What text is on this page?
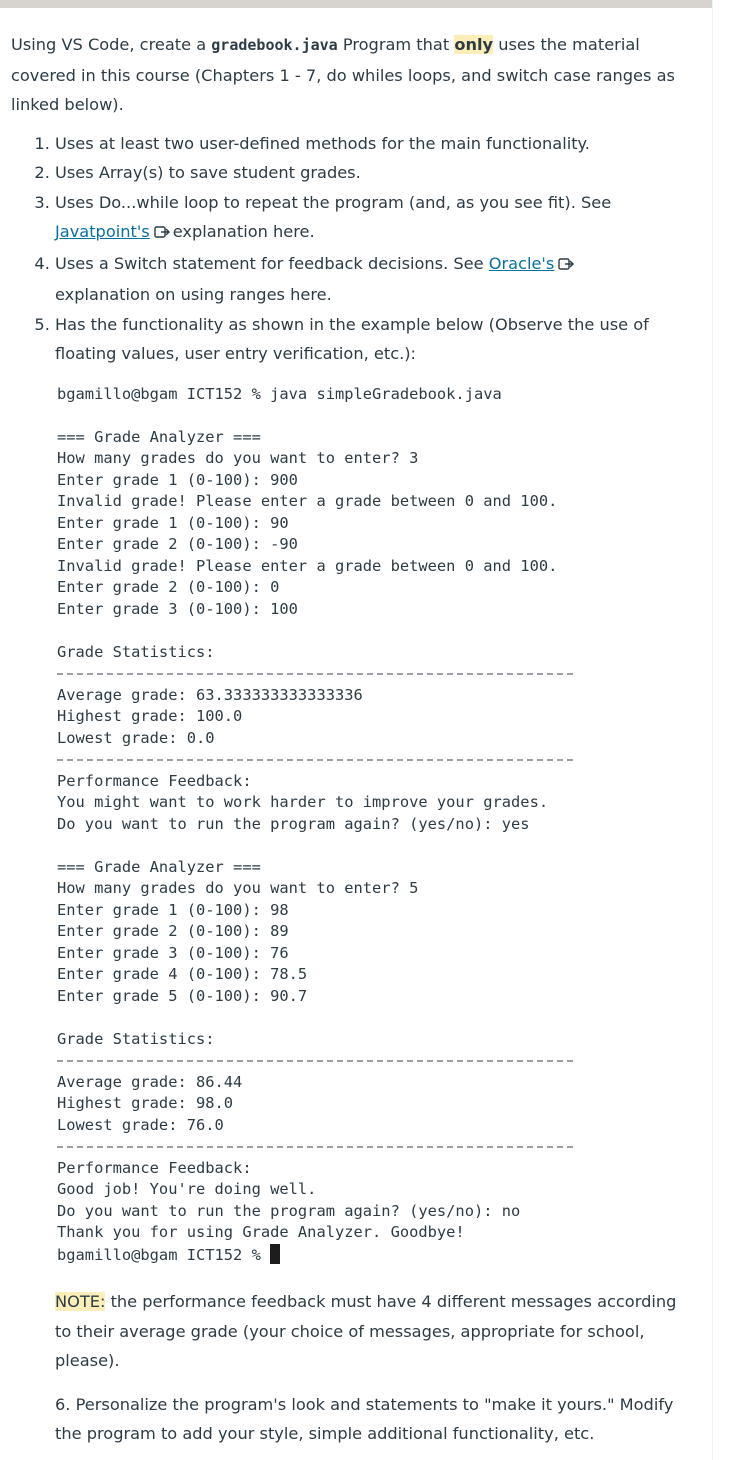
Using VS Code, create a gradebook.java Program that only uses the material covered in this course (Chapters 1 - 7, do whiles loops, and switch case ranges as linked below).

1. Uses at least two user-defined methods for the main functionality.
2. Uses Array(s) to save student grades.
3. Uses Do...while loop to repeat the program (and, as you see fit). See Javatpoint's explanation here.
4. Uses a Switch statement for feedback decisions. See Oracle's
explanation on using ranges here.
5. Has the functionality as shown in the example below (Observe the use of floating values, user entry verification, etc.):
bgamillo@bgam ICT152 % java simpleGradebook.java
=== Grade Analyzer ===
How many grades do you want to enter? 3
Enter grade 1 (0-100): 900
Invalid grade! Please enter a grade between 0 and 100.
Enter grade 1 (0-100): 90
Enter grade 2 (0-100): -90
Invalid grade! Please enter a grade between 0 and 100.
Enter grade 2 (0-100): 0
Enter grade 3 (0-100): 100
Grade Statistics:
Average grade: 63.333333333333336
Highest grade: 100.0
Lowest grade: 0.0
Performance Feedback:
You might want to work harder to improve your grades.
Do you want to run the program again? (yes/no): yes
=== Grade Analyzer ===
How many grades do you want to enter? 5
Enter grade 1 (0-100): 98
Enter grade 2 (0-100): 89
Enter grade 3 (0-100): 76
Enter grade 4 (0-100): 78.5
Enter grade 5 (0-100): 90.7
Grade Statistics:
Average grade: 86.44
Highest grade: 98.0
Lowest grade: 76.0
Performance Feedback:
Good job! You're doing well.
Do you want to run the program again? (yes/no): no
Thank you for using Grade Analyzer. Goodbye!
bgamillo@bgam ICT152 %

NOTE: the performance feedback must have 4 different messages according to their average grade (your choice of messages, appropriate for school, please).

6. Personalize the program's look and statements to "make it yours." Modify the program to add your style, simple additional functionality, etc.
